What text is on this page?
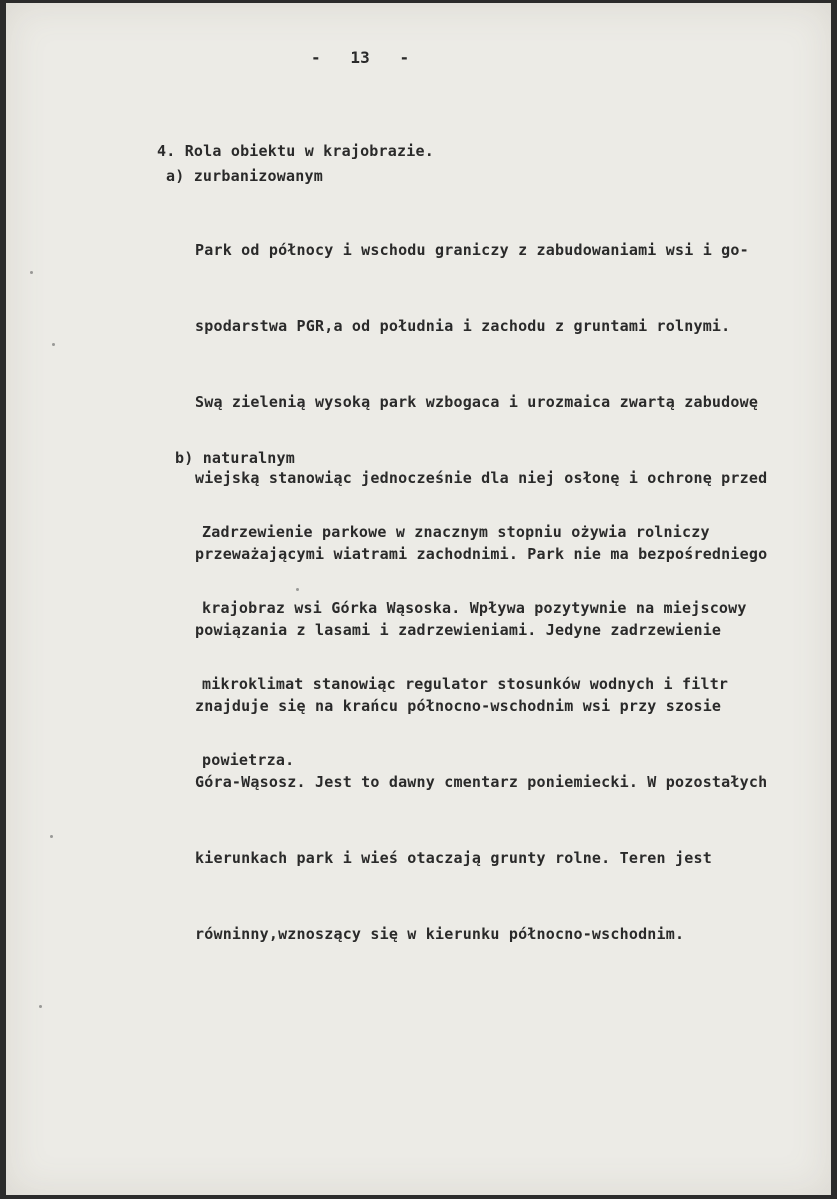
-   13   -
4. Rola obiektu w krajobrazie.
a) zurbanizowanym

Park od północy i wschodu graniczy z zabudowaniami wsi i go-

spodarstwa PGR,a od południa i zachodu z gruntami rolnymi.

Swą zielenią wysoką park wzbogaca i urozmaica zwartą zabudowę

wiejską stanowiąc jednocześnie dla niej osłonę i ochronę przed

przeważającymi wiatrami zachodnimi. Park nie ma bezpośredniego

powiązania z lasami i zadrzewieniami. Jedyne zadrzewienie

znajduje się na krańcu północno-wschodnim wsi przy szosie

Góra-Wąsosz. Jest to dawny cmentarz poniemiecki. W pozostałych

kierunkach park i wieś otaczają grunty rolne. Teren jest

równinny,wznoszący się w kierunku północno-wschodnim.

b) naturalnym

Zadrzewienie parkowe w znacznym stopniu ożywia rolniczy

krajobraz wsi Górka Wąsoska. Wpływa pozytywnie na miejscowy

mikroklimat stanowiąc regulator stosunków wodnych i filtr

powietrza.
